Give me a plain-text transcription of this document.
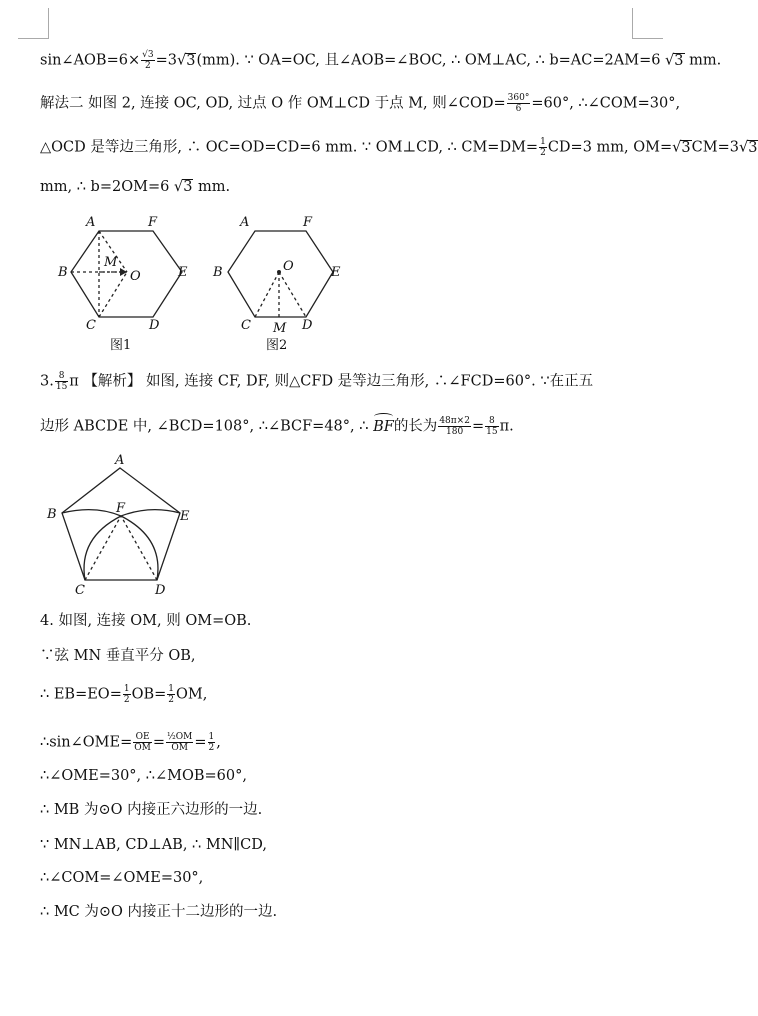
sin∠AOB=6× $\frac{√3}{2} =3√3(mm)$. ∵ OA=OC, 且∠AOB=∠BOC, ∴ OM⊥AC, ∴ b=AC=2AM=6 √3 mm.
解法二 如图 2, 连接 OC, OD, 过点 O 作 OM⊥CD 于点 M, 则∠COD= $\frac{360^\circ}{6} =60^\circ$, ∴∠COM=30°,
△OCD 是等边三角形, ∴ OC=OD=CD=6 mm. ∵ OM⊥CD, ∴ $CM=DM= \frac{1}{2} CD=3$ mm, OM=√3CM=3√3
mm, ∴ b=2OM=6 √3 mm.
3. $\frac{8}{15}$ π 【解析】 如图, 连接 CF, DF, 则△CFD 是等边三角形, ∴∠FCD=60°. ∵在正五
边形 ABCDE 中, ∠BCD=108°, ∴∠BCF=48°, ∴ BF的长为 $\frac{48\pi\times 2}{180} = \frac{8}{15} \pi$.
4. 如图, 连接 OM, 则 OM=OB.
∵弦 MN 垂直平分 OB,
∴ $EB=EO= \frac{1}{2} OB= \frac{1}{2}$ OM,
∴sin∠OME= $\frac{OE}{OM} = \frac{\text{½OM}}{OM} = \frac{1}{2}$ ,
∴∠OME=30°, ∴∠MOB=60°,
∴ MB 为⊙O 内接正六边形的一边.
∵ MN⊥AB, CD⊥AB, ∴ MN∥CD,
∴∠COM=∠OME=30°,
∴ MC 为⊙O 内接正十二边形的一边.
A	F
B
M
O	E
C	D
图1
A	F
B	O	E
C M D
图2
A
B	F
E
C	D
